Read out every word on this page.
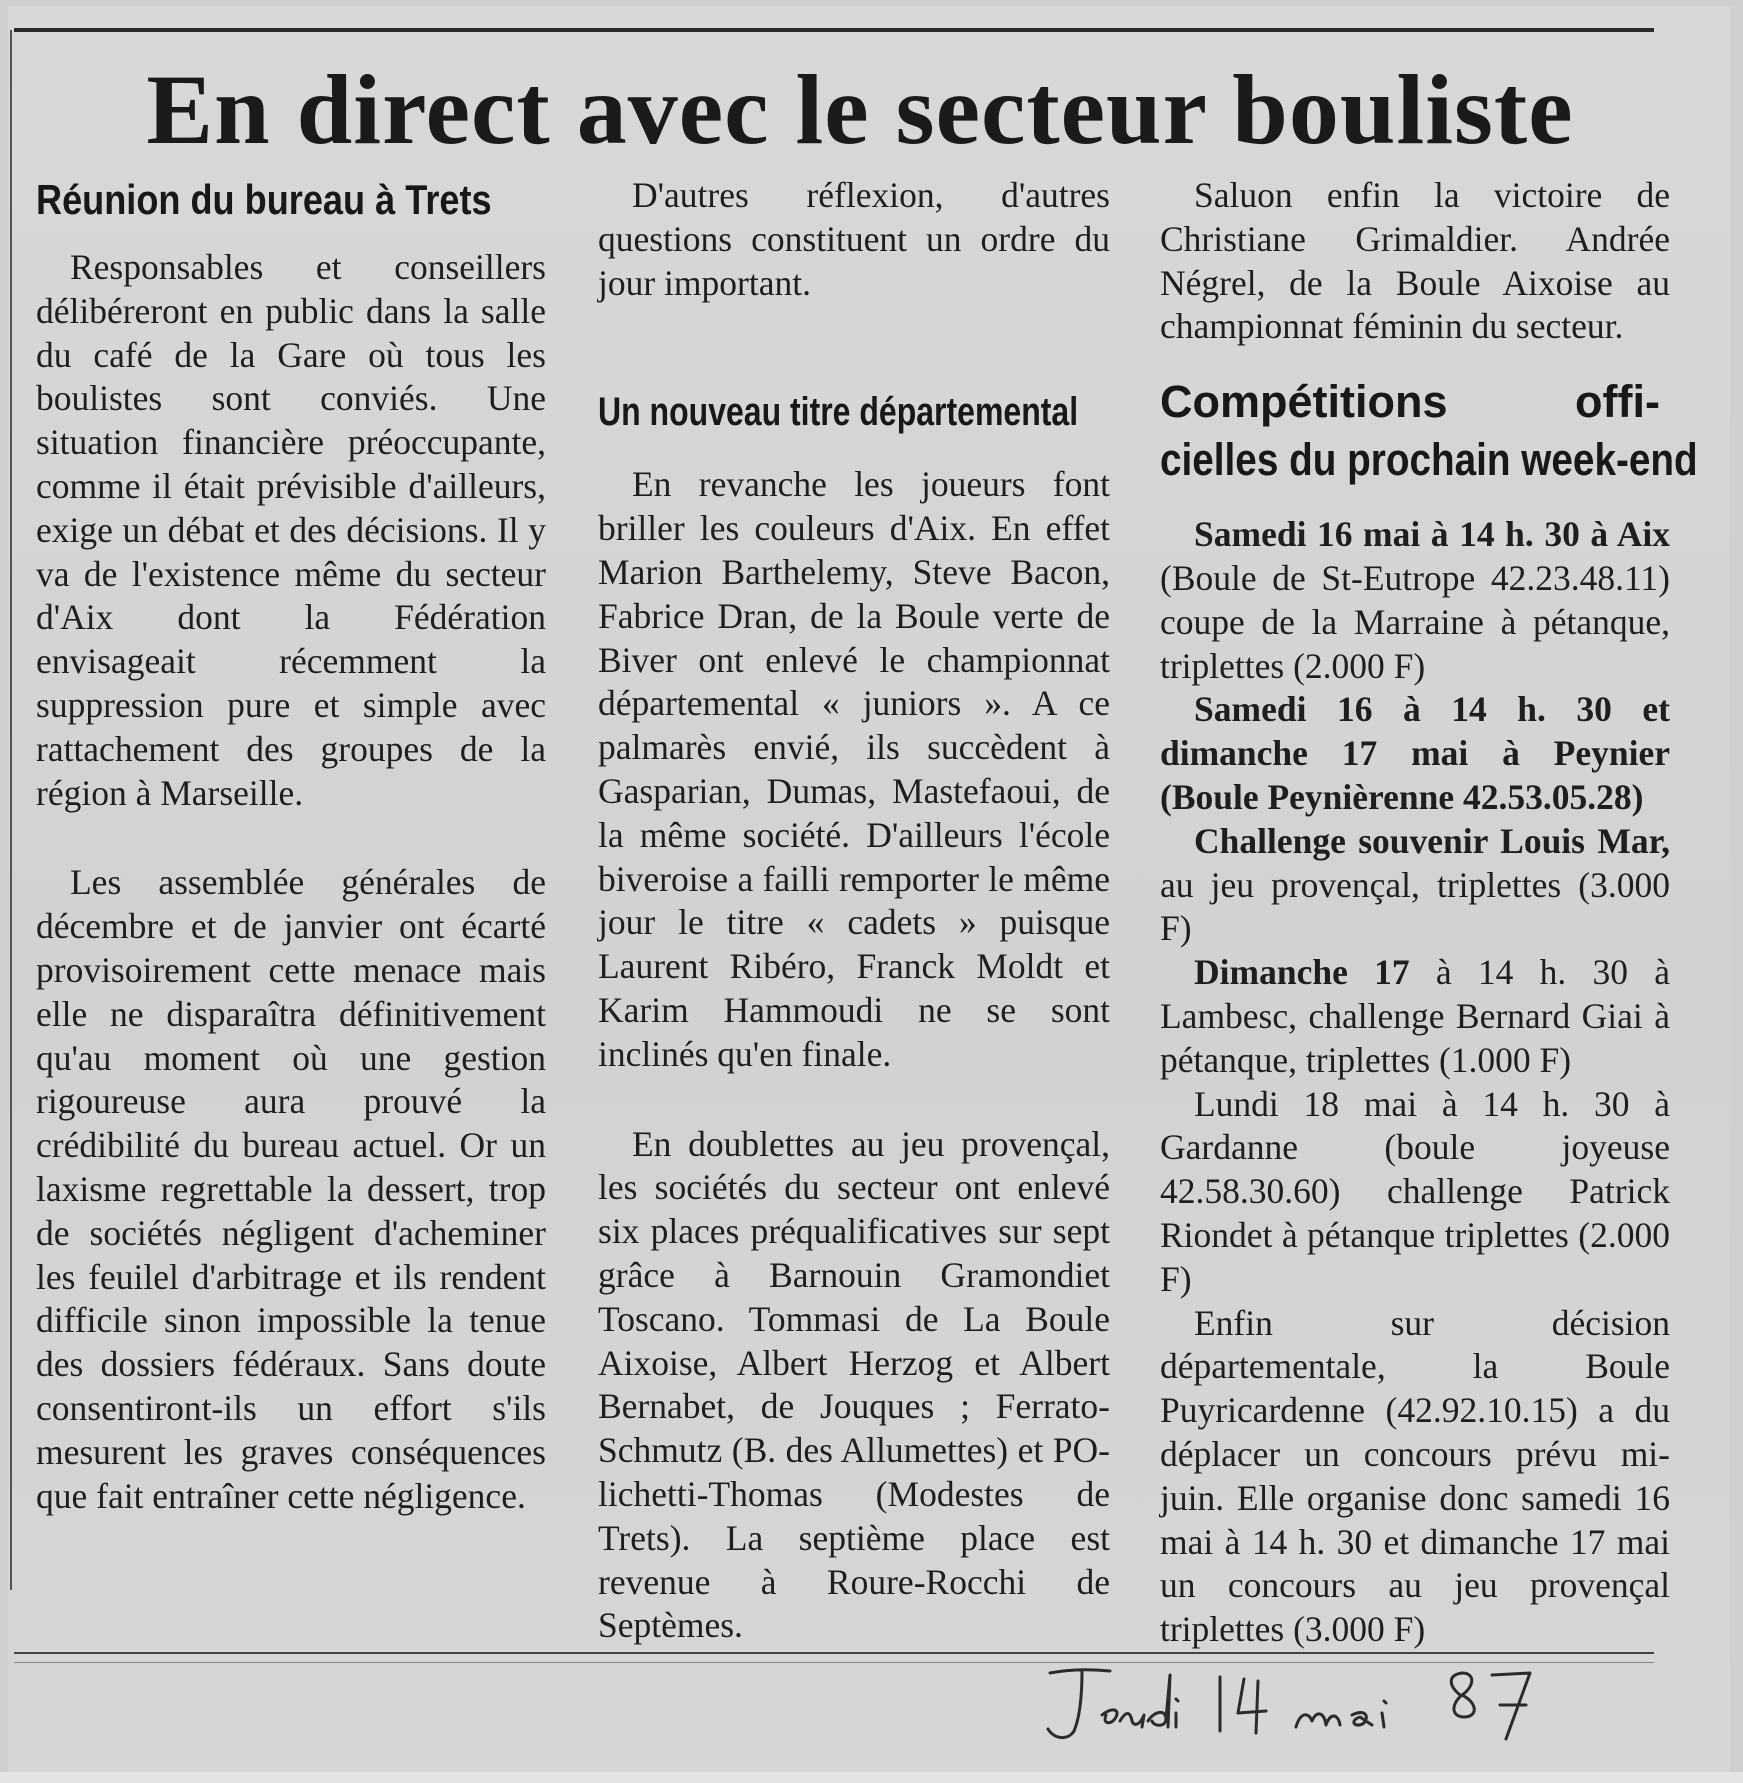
En direct avec le secteur bouliste
Réunion du bureau à Trets

Responsables et conseillers délibéreront en public dans la salle du café de la Gare où tous les boulistes sont conviés. Une situation financière préoccupante, comme il était prévisible d'ailleurs, exige un débat et des décisions. Il y va de l'existence même du secteur d'Aix dont la Fédération envisageait récemment la suppression pure et simple avec rattachement des groupes de la région à Marseille.

Les assemblée générales de décembre et de janvier ont écarté provisoirement cette menace mais elle ne disparaîtra définitivement qu'au moment où une gestion rigoureuse aura prouvé la crédibilité du bureau actuel. Or un laxisme regrettable la dessert, trop de sociétés négligent d'acheminer les feuilel d'arbitrage et ils rendent difficile sinon impossible la tenue des dossiers fédéraux. Sans doute consentiront-ils un effort s'ils mesurent les graves conséquences que fait entraîner cette négligence.

D'autres réflexion, d'autres questions constituent un ordre du jour important.

Un nouveau titre départemental

En revanche les joueurs font briller les couleurs d'Aix. En effet Marion Barthelemy, Steve Bacon, Fabrice Dran, de la Boule verte de Biver ont enlevé le championnat départemental « juniors ». A ce palmarès envié, ils succèdent à Gasparian, Dumas, Mastefaoui, de la même société. D'ailleurs l'école biveroise a failli remporter le même jour le titre « cadets » puisque Laurent Ribéro, Franck Moldt et Karim Hammoudi ne se sont inclinés qu'en finale.

En doublettes au jeu provençal, les sociétés du secteur ont enlevé six places préqualificatives sur sept grâce à Barnouin Gramondiet Toscano. Tommasi de La Boule Aixoise, Albert Herzog et Albert Bernabet, de Jouques ; Ferrato-Schmutz (B. des Allumettes) et PO-lichetti-Thomas (Modestes de Trets). La septième place est revenue à Roure-Rocchi de Septèmes.

Saluon enfin la victoire de Christiane Grimaldier. Andrée Négrel, de la Boule Aixoise au championnat féminin du secteur.

Compétitions	offi-
cielles du prochain week-end

Samedi 16 mai à 14 h. 30 à Aix (Boule de St-Eutrope 42.23.48.11) coupe de la Marraine à pétanque, triplettes (2.000 F)

Samedi 16 à 14 h. 30 et dimanche 17 mai à Peynier (Boule Peynièrenne 42.53.05.28)

Challenge souvenir Louis Mar, au jeu provençal, triplettes (3.000 F)

Dimanche 17 à 14 h. 30 à Lambesc, challenge Bernard Giai à pétanque, triplettes (1.000 F)

Lundi 18 mai à 14 h. 30 à Gardanne (boule joyeuse 42.58.30.60) challenge Patrick Riondet à pétanque triplettes (2.000 F)

Enfin sur décision départementale, la Boule Puyricardenne (42.92.10.15) a du déplacer un concours prévu mi-juin. Elle organise donc samedi 16 mai à 14 h. 30 et dimanche 17 mai un concours au jeu provençal triplettes (3.000 F)
